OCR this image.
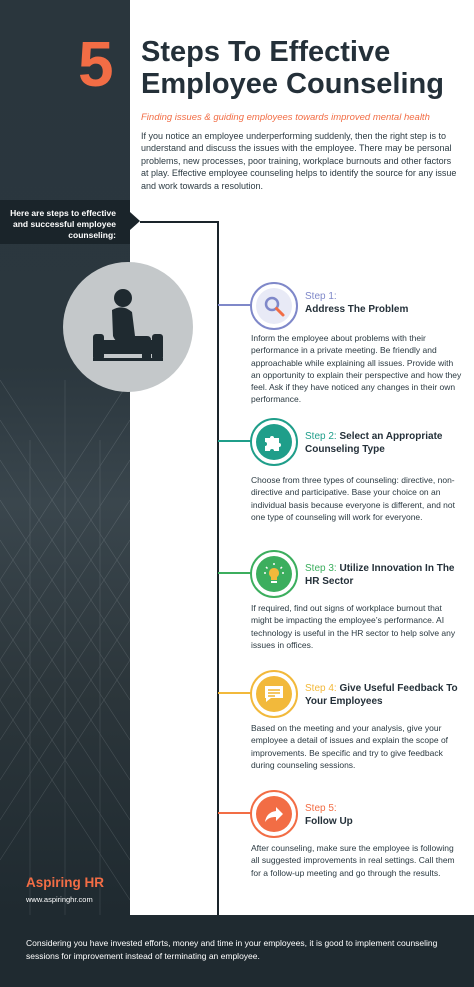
5 Steps To Effective
Employee Counseling
Finding issues & guiding employees towards improved mental health
If you notice an employee underperforming suddenly, then the right step is to understand and discuss the issues with the employee. There may be personal problems, new processes, poor training, workplace burnouts and other factors at play. Effective employee counseling helps to identify the source for any issue and work towards a resolution.
Here are steps to effective and successful employee counseling:
Step 1:
Address The Problem
Inform the employee about problems with their performance in a private meeting. Be friendly and approachable while explaining all issues. Provide with an opportunity to explain their perspective and how they feel. Ask if they have noticed any changes in their own performance.
Step 2: Select an Appropriate Counseling Type
Choose from three types of counseling: directive, non-directive and participative. Base your choice on an individual basis because everyone is different, and not one type of counseling will work for everyone.
Step 3: Utilize Innovation In The HR Sector
If required, find out signs of workplace burnout that might be impacting the employee’s performance. AI technology is useful in the HR sector to help solve any issues in offices.
Step 4: Give Useful Feedback To Your Employees
Based on the meeting and your analysis, give your employee a detail of issues and explain the scope of improvements. Be specific and try to give feedback during counseling sessions.
Step 5:
Follow Up
After counseling, make sure the employee is following all suggested improvements in real settings. Call them for a follow-up meeting and go through the results.
Aspiring HR
www.aspiringhr.com
Considering you have invested efforts, money and time in your employees, it is good to implement counseling sessions for improvement instead of terminating an employee.
